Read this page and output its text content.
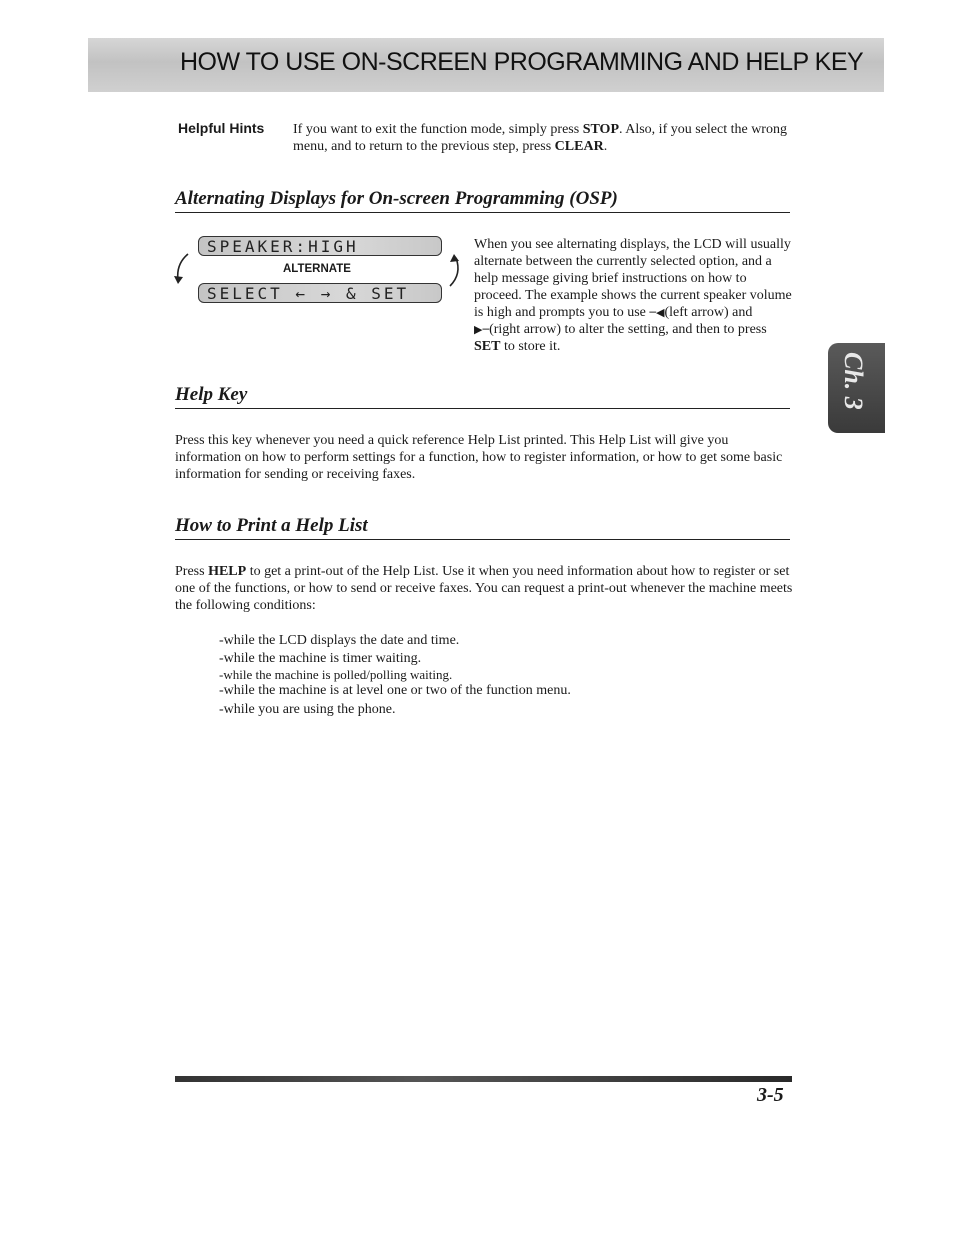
HOW TO USE ON-SCREEN PROGRAMMING AND HELP KEY
Helpful Hints If you want to exit the function mode, simply press STOP. Also, if you select the wrong menu, and to return to the previous step, press CLEAR.
Alternating Displays for On-screen Programming (OSP)
SPEAKER:HIGH
ALTERNATE
SELECT ← → & SET
When you see alternating displays, the LCD will usually alternate between the currently selected option, and a help message giving brief instructions on how to proceed. The example shows the current speaker volume is high and prompts you to use ─◀(left arrow) and ▶─(right arrow) to alter the setting, and then to press SET to store it.
Help Key
Press this key whenever you need a quick reference Help List printed. This Help List will give you information on how to perform settings for a function, how to register information, or how to get some basic information for sending or receiving faxes.
How to Print a Help List
Press HELP to get a print-out of the Help List. Use it when you need information about how to register or set one of the functions, or how to send or receive faxes. You can request a print-out whenever the machine meets the following conditions:
-while the LCD displays the date and time.
-while the machine is timer waiting.
-while the machine is polled/polling waiting.
-while the machine is at level one or two of the function menu.
-while you are using the phone.
Ch. 3
3-5
